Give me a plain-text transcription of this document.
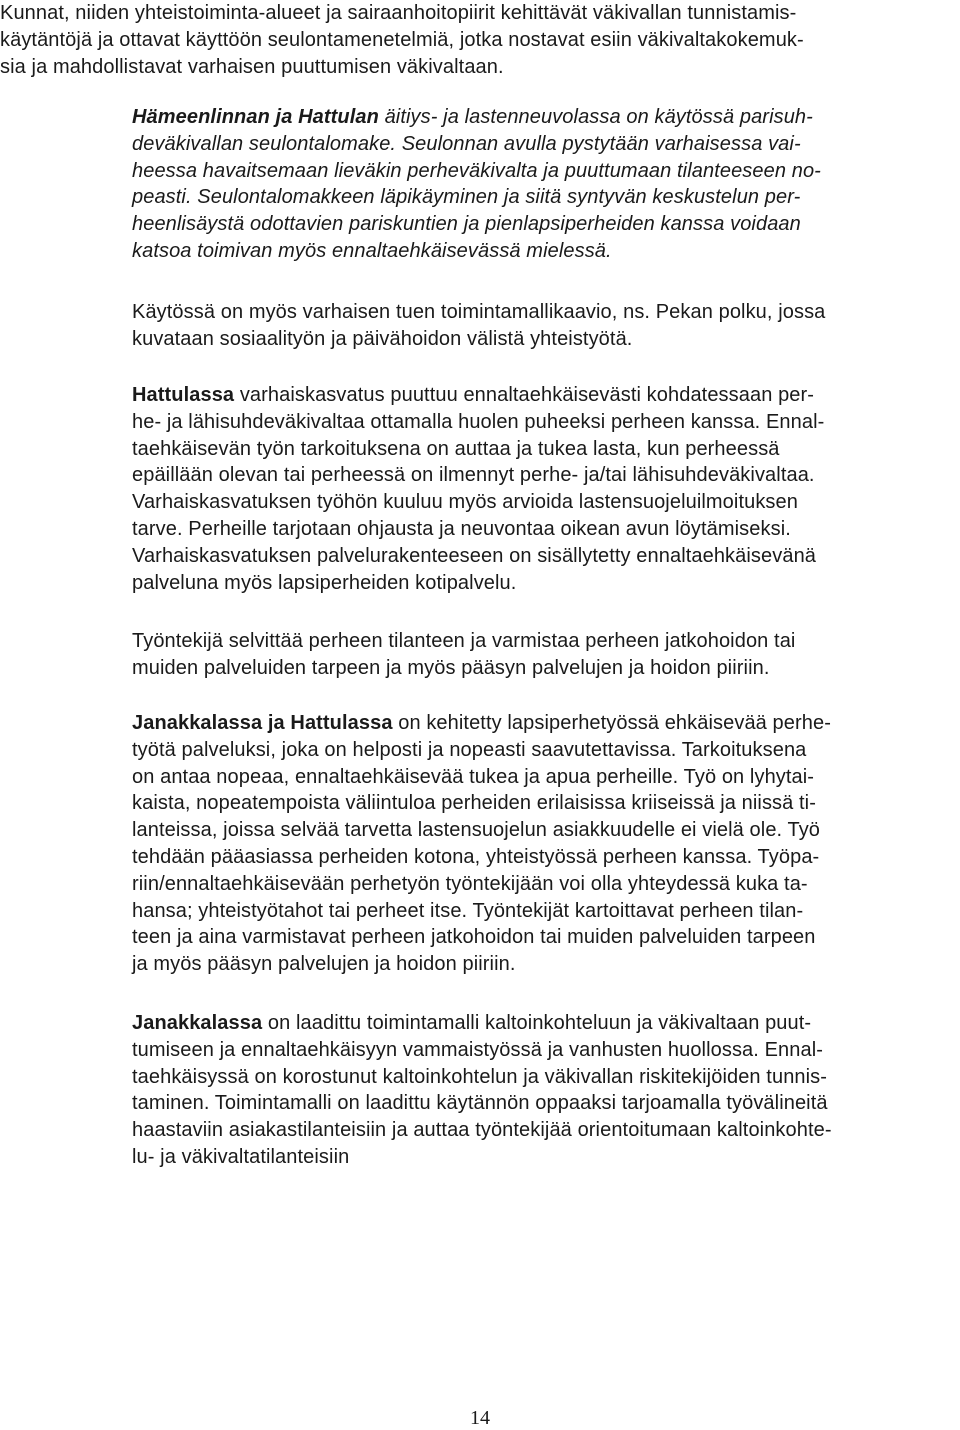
Kunnat, niiden yhteistoiminta-alueet ja sairaanhoitopiirit kehittävät väkivallan tunnistamis-
käytäntöjä ja ottavat käyttöön seulontamenetelmiä, jotka nostavat esiin väkivaltakokemuk-
sia ja mahdollistavat varhaisen puuttumisen väkivaltaan.

Hämeenlinnan ja Hattulan äitiys- ja lastenneuvolassa on käytössä parisuh-
deväkivallan seulontalomake. Seulonnan avulla pystytään varhaisessa vai-
heessa havaitsemaan lieväkin perheväkivalta ja puuttumaan tilanteeseen no-
peasti. Seulontalomakkeen läpikäyminen ja siitä syntyvän keskustelun per-
heenlisäystä odottavien pariskuntien ja pienlapsiperheiden kanssa voidaan
katsoa toimivan myös ennaltaehkäisevässä mielessä.

Käytössä on myös varhaisen tuen toimintamallikaavio, ns. Pekan polku, jossa
kuvataan sosiaalityön ja päivähoidon välistä yhteistyötä.

Hattulassa varhaiskasvatus puuttuu ennaltaehkäisevästi kohdatessaan per-
he- ja lähisuhdeväkivaltaa ottamalla huolen puheeksi perheen kanssa. Ennal-
taehkäisevän työn tarkoituksena on auttaa ja tukea lasta, kun perheessä
epäillään olevan tai perheessä on ilmennyt perhe- ja/tai lähisuhdeväkivaltaa.
Varhaiskasvatuksen työhön kuuluu myös arvioida lastensuojeluilmoituksen
tarve. Perheille tarjotaan ohjausta ja neuvontaa oikean avun löytämiseksi.
Varhaiskasvatuksen palvelurakenteeseen on sisällytetty ennaltaehkäisevänä
palveluna myös lapsiperheiden kotipalvelu.

Työntekijä selvittää perheen tilanteen ja varmistaa perheen jatkohoidon tai
muiden palveluiden tarpeen ja myös pääsyn palvelujen ja hoidon piiriin.

Janakkalassa ja Hattulassa on kehitetty lapsiperhetyössä ehkäisevää perhe-
työtä palveluksi, joka on helposti ja nopeasti saavutettavissa. Tarkoituksena
on antaa nopeaa, ennaltaehkäisevää tukea ja apua perheille. Työ on lyhytai-
kaista, nopeatempoista väliintuloa perheiden erilaisissa kriiseissä ja niissä ti-
lanteissa, joissa selvää tarvetta lastensuojelun asiakkuudelle ei vielä ole. Työ
tehdään pääasiassa perheiden kotona, yhteistyössä perheen kanssa. Työpa-
riin/ennaltaehkäisevään perhetyön työntekijään voi olla yhteydessä kuka ta-
hansa; yhteistyötahot tai perheet itse. Työntekijät kartoittavat perheen tilan-
teen ja aina varmistavat perheen jatkohoidon tai muiden palveluiden tarpeen
ja myös pääsyn palvelujen ja hoidon piiriin.

Janakkalassa on laadittu toimintamalli kaltoinkohteluun ja väkivaltaan puut-
tumiseen ja ennaltaehkäisyyn vammaistyössä ja vanhusten huollossa. Ennal-
taehkäisyssä on korostunut kaltoinkohtelun ja väkivallan riskitekijöiden tunnis-
taminen. Toimintamalli on laadittu käytännön oppaaksi tarjoamalla työvälineitä
haastaviin asiakastilanteisiin ja auttaa työntekijää orientoitumaan kaltoinkohte-
lu- ja väkivaltatilanteisiin

14
